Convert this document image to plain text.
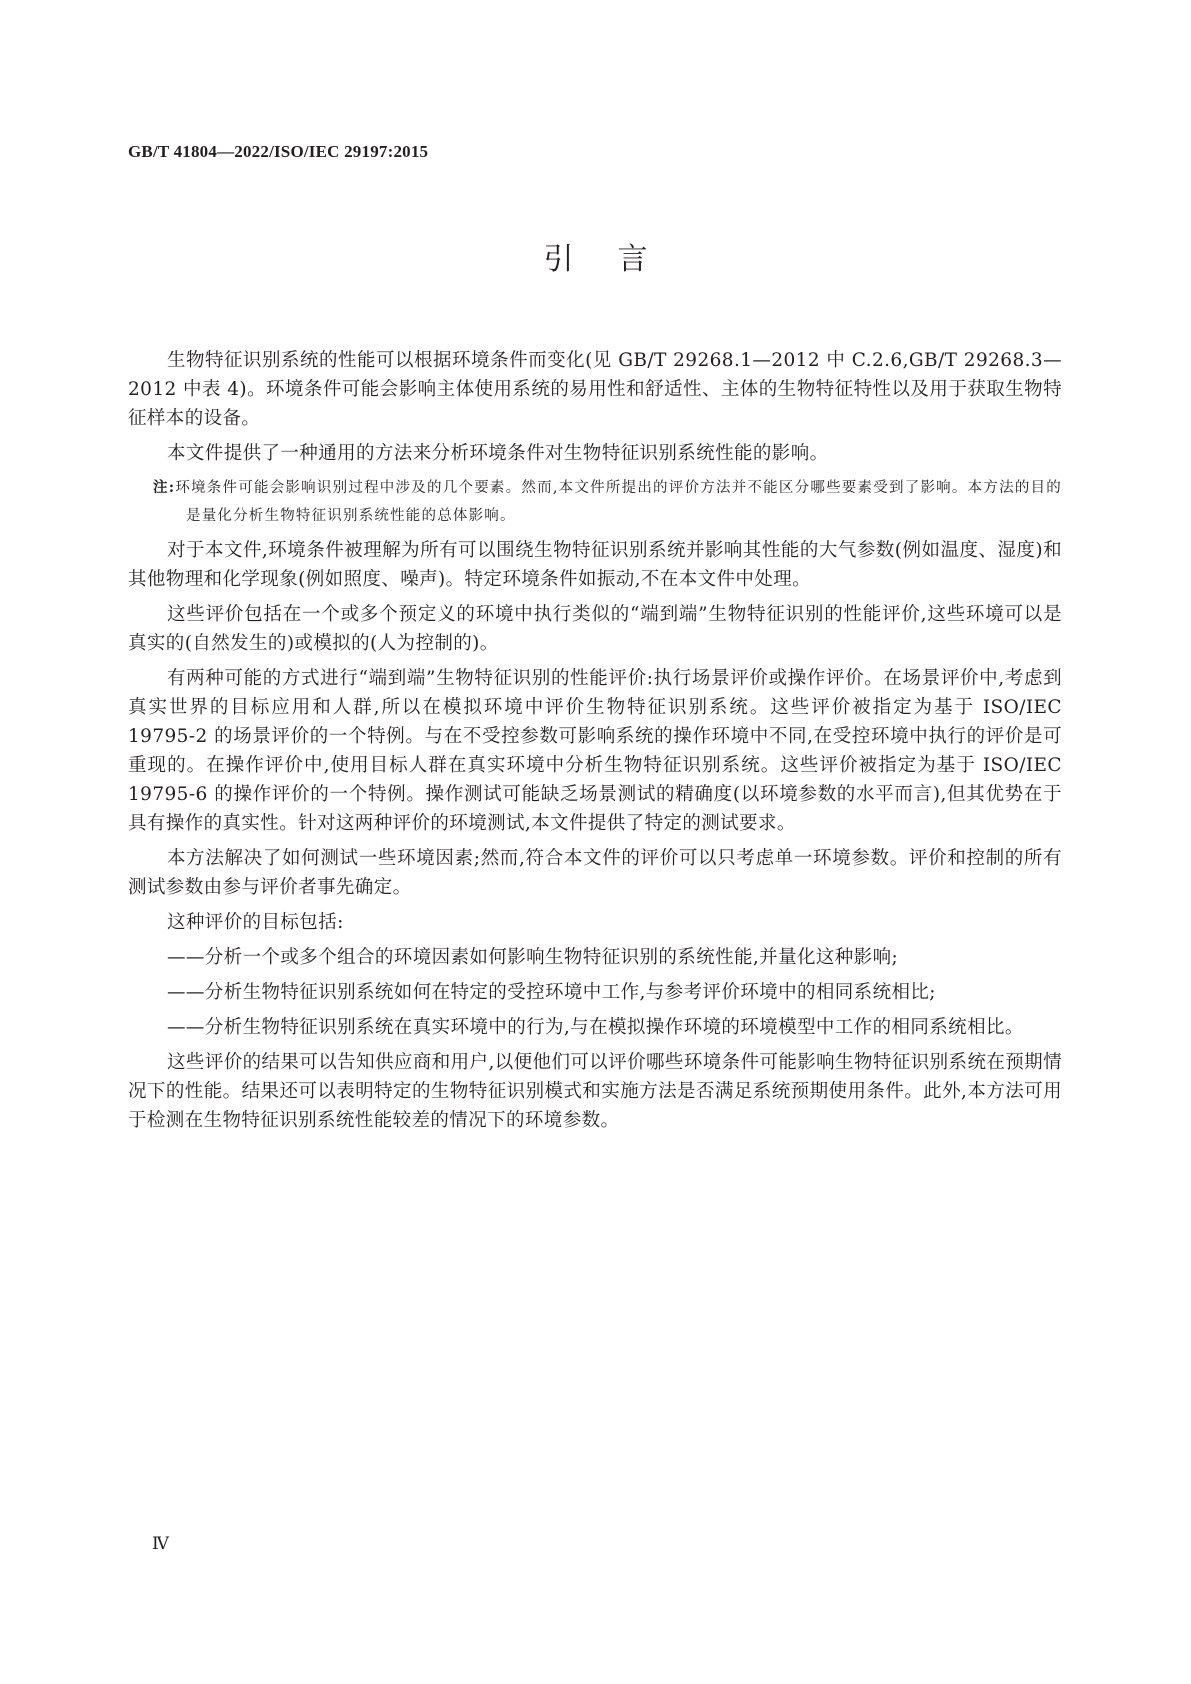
GB/T 41804—2022/ISO/IEC 29197:2015
引言

生物特征识别系统的性能可以根据环境条件而变化(见 GB/T 29268.1—2012 中 C.2.6,GB/T 29268.3—2012 中表 4)。环境条件可能会影响主体使用系统的易用性和舒适性、主体的生物特征特性以及用于获取生物特征样本的设备。

本文件提供了一种通用的方法来分析环境条件对生物特征识别系统性能的影响。

注:环境条件可能会影响识别过程中涉及的几个要素。然而,本文件所提出的评价方法并不能区分哪些要素受到了影响。本方法的目的是量化分析生物特征识别系统性能的总体影响。

对于本文件,环境条件被理解为所有可以围绕生物特征识别系统并影响其性能的大气参数(例如温度、湿度)和其他物理和化学现象(例如照度、噪声)。特定环境条件如振动,不在本文件中处理。

这些评价包括在一个或多个预定义的环境中执行类似的“端到端”生物特征识别的性能评价,这些环境可以是真实的(自然发生的)或模拟的(人为控制的)。

有两种可能的方式进行“端到端”生物特征识别的性能评价:执行场景评价或操作评价。在场景评价中,考虑到真实世界的目标应用和人群,所以在模拟环境中评价生物特征识别系统。这些评价被指定为基于 ISO/IEC 19795-2 的场景评价的一个特例。与在不受控参数可影响系统的操作环境中不同,在受控环境中执行的评价是可重现的。在操作评价中,使用目标人群在真实环境中分析生物特征识别系统。这些评价被指定为基于 ISO/IEC 19795-6 的操作评价的一个特例。操作测试可能缺乏场景测试的精确度(以环境参数的水平而言),但其优势在于具有操作的真实性。针对这两种评价的环境测试,本文件提供了特定的测试要求。

本方法解决了如何测试一些环境因素;然而,符合本文件的评价可以只考虑单一环境参数。评价和控制的所有测试参数由参与评价者事先确定。

这种评价的目标包括:

——分析一个或多个组合的环境因素如何影响生物特征识别的系统性能,并量化这种影响;

——分析生物特征识别系统如何在特定的受控环境中工作,与参考评价环境中的相同系统相比;

——分析生物特征识别系统在真实环境中的行为,与在模拟操作环境的环境模型中工作的相同系统相比。

这些评价的结果可以告知供应商和用户,以便他们可以评价哪些环境条件可能影响生物特征识别系统在预期情况下的性能。结果还可以表明特定的生物特征识别模式和实施方法是否满足系统预期使用条件。此外,本方法可用于检测在生物特征识别系统性能较差的情况下的环境参数。

Ⅳ
